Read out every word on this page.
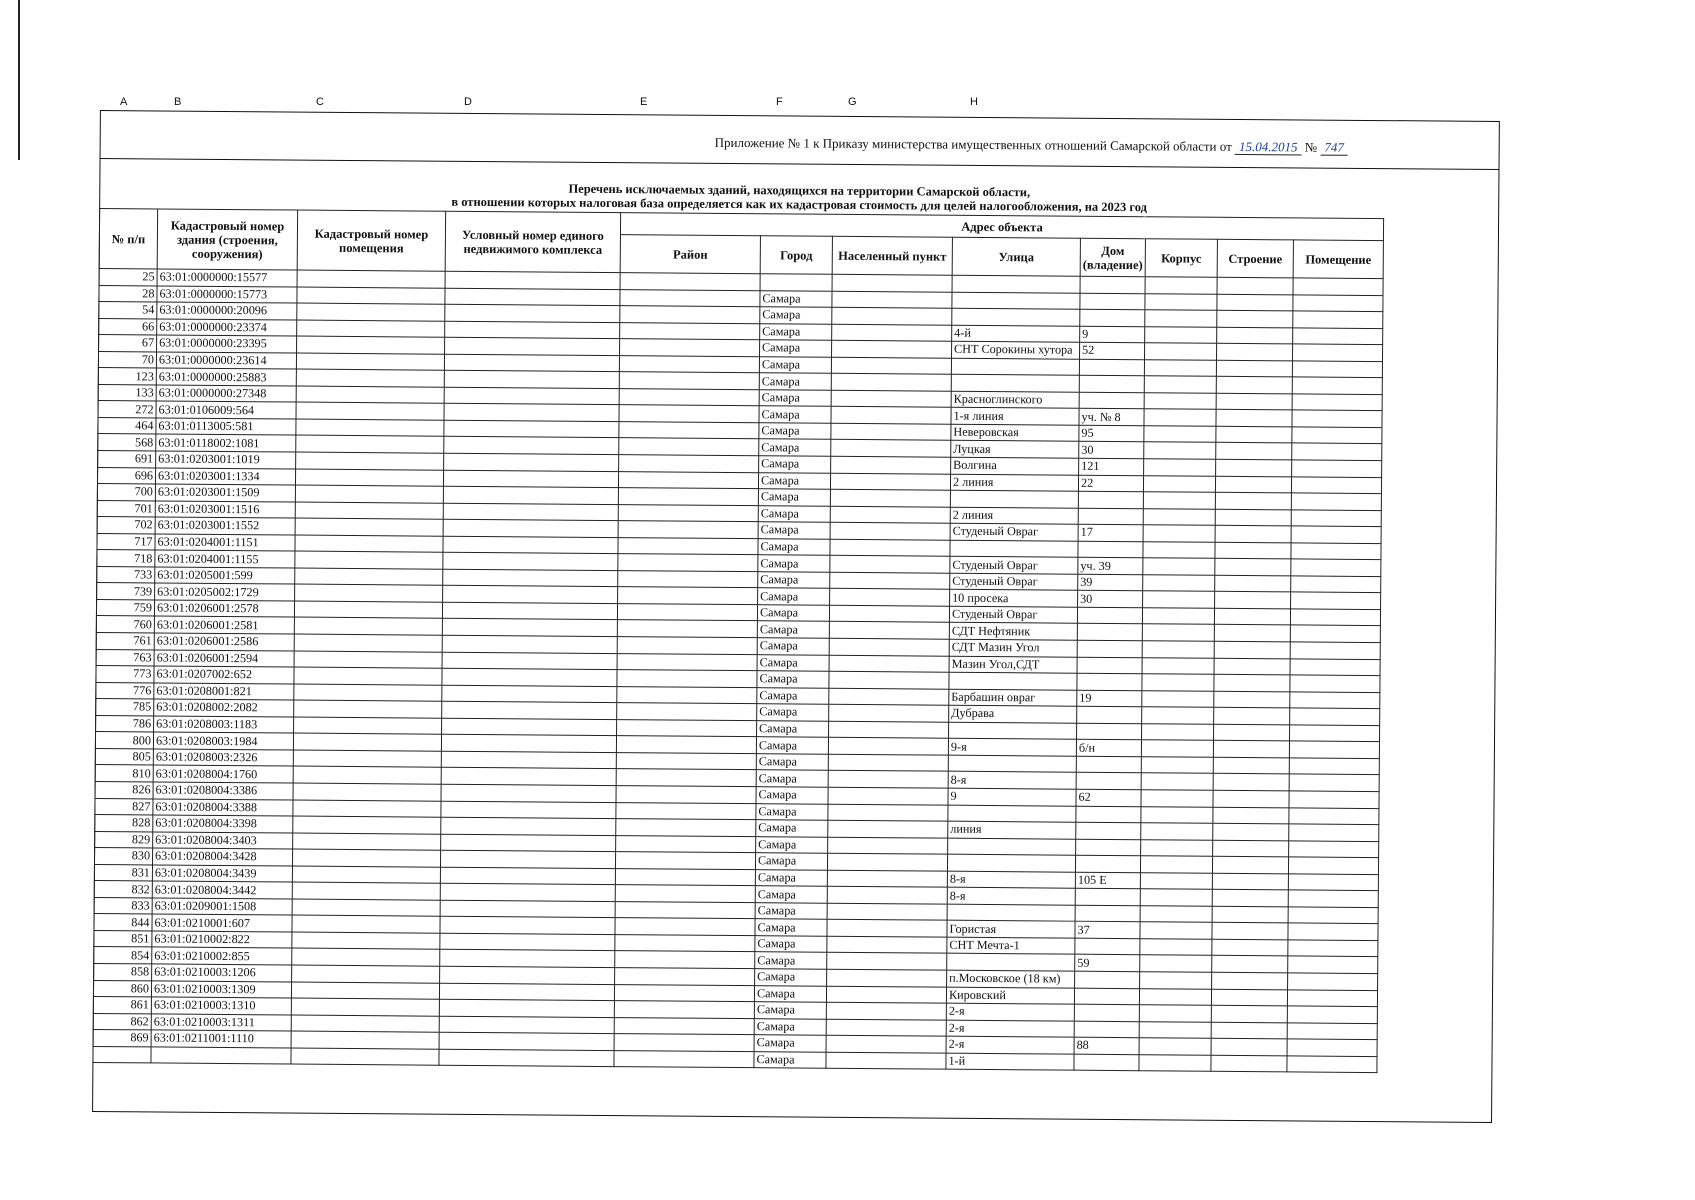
A	B	C	D	E	F	G	H
Приложение № 1 к Приказу министерства имущественных отношений Самарской области от 15.04.2015 № 747
Перечень исключаемых зданий, находящихся на территории Самарской области,
в отношении которых налоговая база определяется как их кадастровая стоимость для целей налогообложения, на 2023 год
№ п/п	Кадастровый номер здания (строения, сооружения)	Кадастровый номер помещения	Условный номер единого недвижимого комплекса	Адрес объекта							
				Район	Город	Населенный пункт	Улица	Дом (владение)	Корпус	Строение	Помещение
25	63:01:0000000:15577										
28	63:01:0000000:15773				Самара						
54	63:01:0000000:20096				Самара						
66	63:01:0000000:23374				Самара		4-й	9			
67	63:01:0000000:23395				Самара		СНТ Сорокины хутора	52			
70	63:01:0000000:23614				Самара						
123	63:01:0000000:25883				Самара						
133	63:01:0000000:27348				Самара		Красноглинского				
272	63:01:0106009:564				Самара		1-я линия	уч. № 8			
464	63:01:0113005:581				Самара		Неверовская	95			
568	63:01:0118002:1081				Самара		Луцкая	30			
691	63:01:0203001:1019				Самара		Волгина	121			
696	63:01:0203001:1334				Самара		2 линия	22			
700	63:01:0203001:1509				Самара						
701	63:01:0203001:1516				Самара		2 линия				
702	63:01:0203001:1552				Самара		Студеный Овраг	17			
717	63:01:0204001:1151				Самара						
718	63:01:0204001:1155				Самара		Студеный Овраг	уч. 39			
733	63:01:0205001:599				Самара		Студеный Овраг	39			
739	63:01:0205002:1729				Самара		10 просека	30			
759	63:01:0206001:2578				Самара		Студеный Овраг				
760	63:01:0206001:2581				Самара		СДТ Нефтяник				
761	63:01:0206001:2586				Самара		СДТ Мазин Угол				
763	63:01:0206001:2594				Самара		Мазин Угол,СДТ				
773	63:01:0207002:652				Самара						
776	63:01:0208001:821				Самара		Барбашин овраг	19			
785	63:01:0208002:2082				Самара		Дубрава				
786	63:01:0208003:1183				Самара						
800	63:01:0208003:1984				Самара		9-я	б/н			
805	63:01:0208003:2326				Самара						
810	63:01:0208004:1760				Самара		8-я				
826	63:01:0208004:3386				Самара		9	62			
827	63:01:0208004:3388				Самара						
828	63:01:0208004:3398				Самара		линия				
829	63:01:0208004:3403				Самара						
830	63:01:0208004:3428				Самара						
831	63:01:0208004:3439				Самара		8-я	105 Е			
832	63:01:0208004:3442				Самара		8-я				
833	63:01:0209001:1508				Самара						
844	63:01:0210001:607				Самара		Гористая	37			
851	63:01:0210002:822				Самара		СНТ Мечта-1				
854	63:01:0210002:855				Самара			59			
858	63:01:0210003:1206				Самара		п.Московское (18 км)				
860	63:01:0210003:1309				Самара		Кировский				
861	63:01:0210003:1310				Самара		2-я				
862	63:01:0210003:1311				Самара		2-я				
869	63:01:0211001:1110				Самара		2-я	88			
					Самара		1-й				
